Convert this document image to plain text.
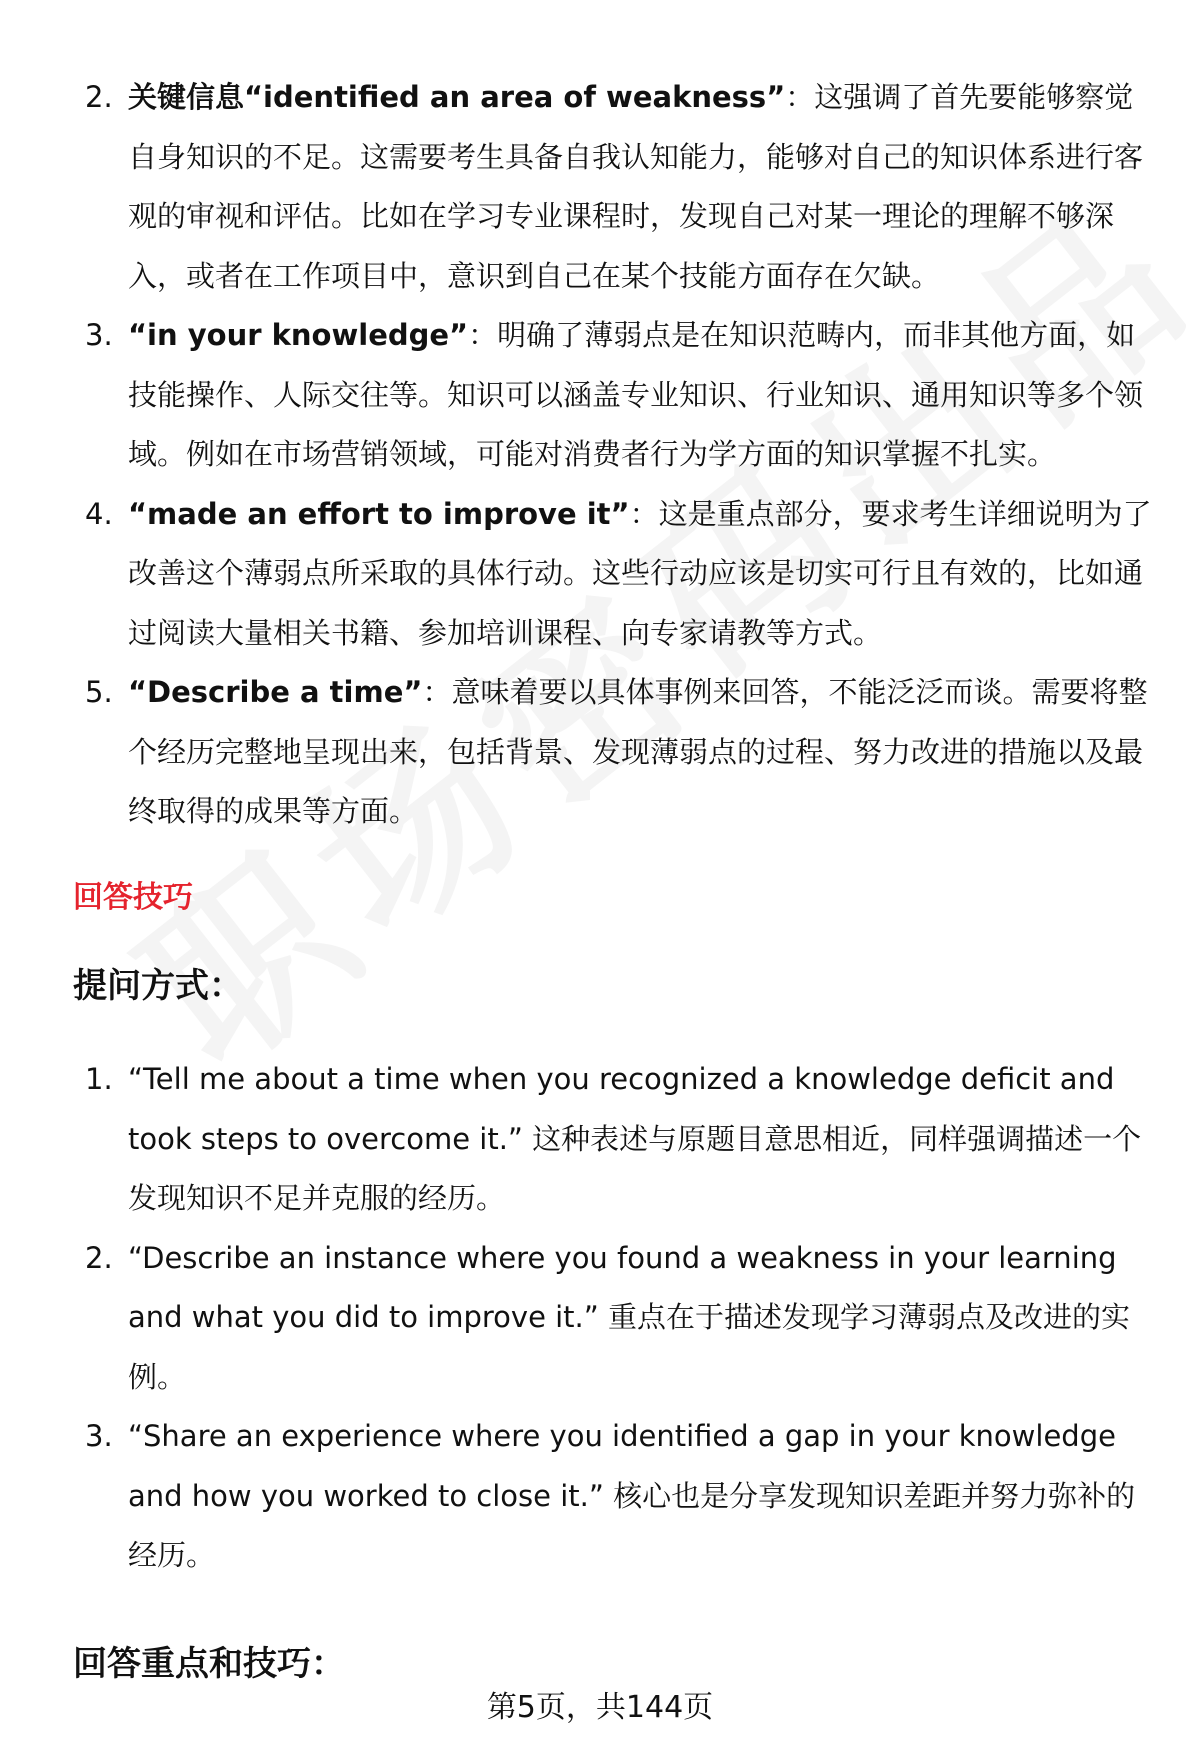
2. 关键信息“identified an area of weakness”：这强调了首先要能够察觉自身知识的不足。这需要考生具备自我认知能力，能够对自己的知识体系进行客观的审视和评估。比如在学习专业课程时，发现自己对某一理论的理解不够深入，或者在工作项目中，意识到自己在某个技能方面存在欠缺。
3. “in your knowledge”：明确了薄弱点是在知识范畴内，而非其他方面，如技能操作、人际交往等。知识可以涵盖专业知识、行业知识、通用知识等多个领域。例如在市场营销领域，可能对消费者行为学方面的知识掌握不扎实。
4. “made an effort to improve it”：这是重点部分，要求考生详细说明为了改善这个薄弱点所采取的具体行动。这些行动应该是切实可行且有效的，比如通过阅读大量相关书籍、参加培训课程、向专家请教等方式。
5. “Describe a time”：意味着要以具体事例来回答，不能泛泛而谈。需要将整个经历完整地呈现出来，包括背景、发现薄弱点的过程、努力改进的措施以及最终取得的成果等方面。
回答技巧
提问方式：
1. “Tell me about a time when you recognized a knowledge deficit and took steps to overcome it.” 这种表述与原题目意思相近，同样强调描述一个发现知识不足并克服的经历。
2. “Describe an instance where you found a weakness in your learning and what you did to improve it.” 重点在于描述发现学习薄弱点及改进的实例。
3. “Share an experience where you identified a gap in your knowledge and how you worked to close it.” 核心也是分享发现知识差距并努力弥补的经历。
回答重点和技巧：
第5页，共144页
